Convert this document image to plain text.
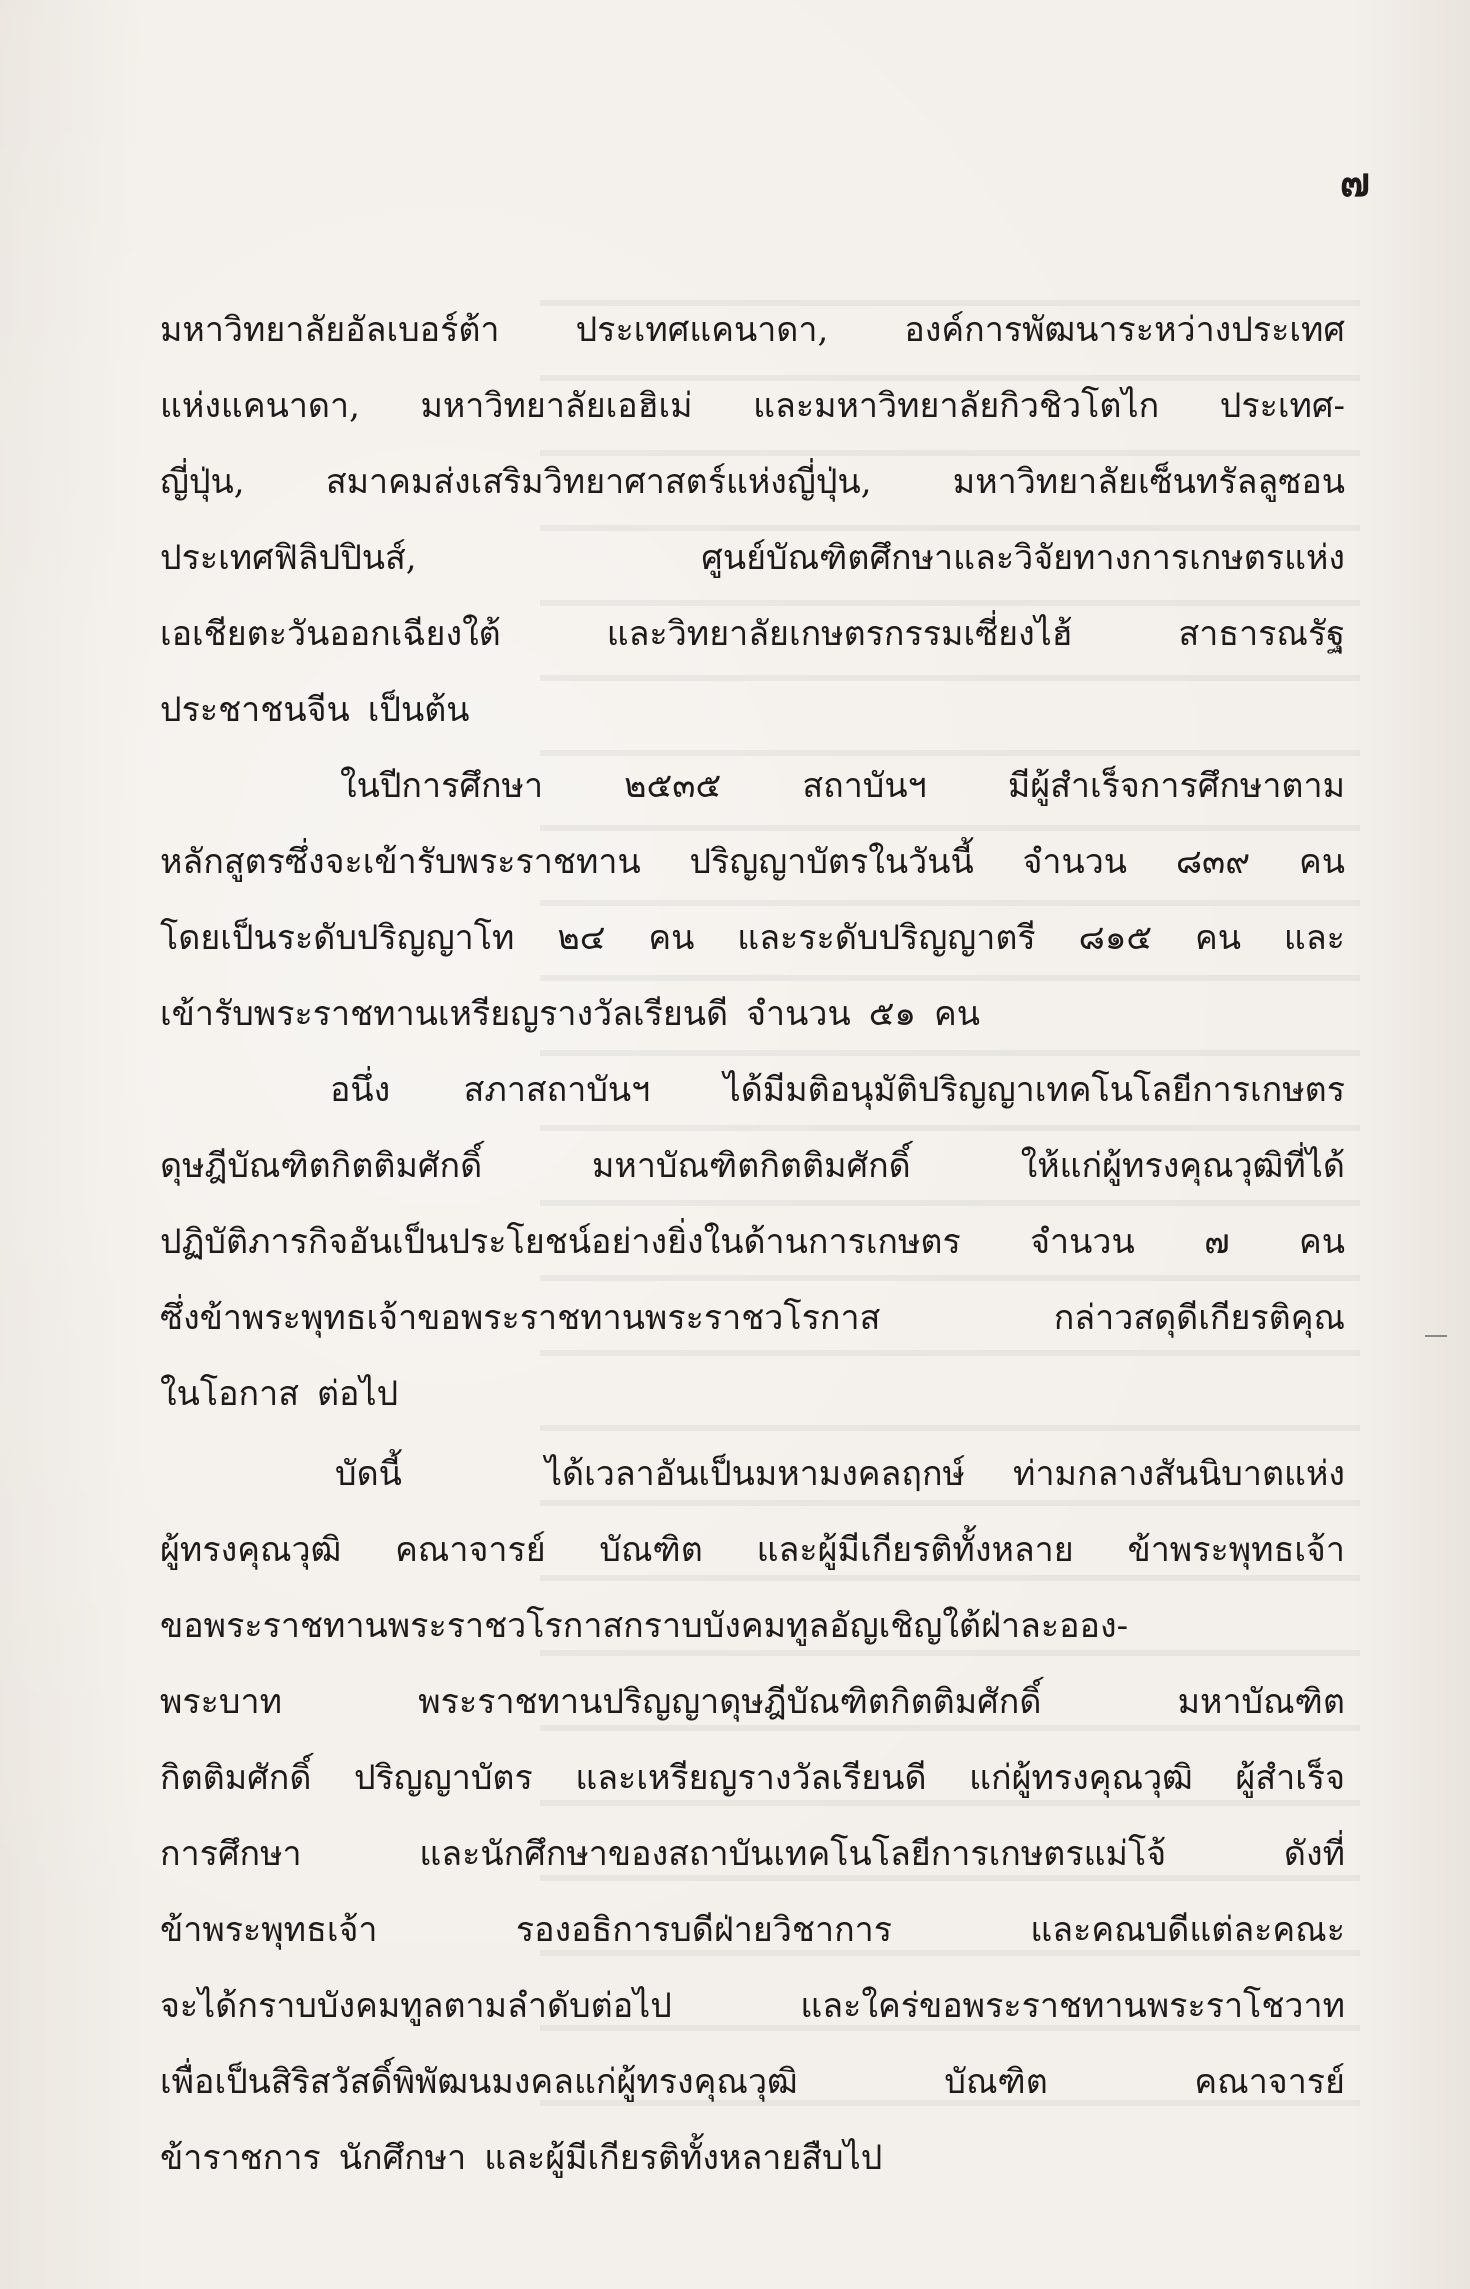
๗
มหาวิทยาลัยอัลเบอร์ต้า ประเทศแคนาดา, องค์การพัฒนาระหว่างประเทศ
แห่งแคนาดา, มหาวิทยาลัยเอฮิเม่ และมหาวิทยาลัยกิวชิวโตไก ประเทศ-
ญี่ปุ่น, สมาคมส่งเสริมวิทยาศาสตร์แห่งญี่ปุ่น, มหาวิทยาลัยเซ็นทรัลลูซอน
ประเทศฟิลิปปินส์,	ศูนย์บัณฑิตศึกษาและวิจัยทางการเกษตรแห่ง
เอเชียตะวันออกเฉียงใต้	และวิทยาลัยเกษตรกรรมเซี่ยงไฮ้	สาธารณรัฐ
ประชาชนจีน เป็นต้น
ในปีการศึกษา ๒๕๓๕ สถาบันฯ มีผู้สำเร็จการศึกษาตาม
หลักสูตรซึ่งจะเข้ารับพระราชทาน ปริญญาบัตรในวันนี้ จำนวน ๘๓๙ คน
โดยเป็นระดับปริญญาโท ๒๔ คน และระดับปริญญาตรี ๘๑๕ คน และ
เข้ารับพระราชทานเหรียญรางวัลเรียนดี จำนวน ๕๑ คน
อนึ่ง สภาสถาบันฯ ได้มีมติอนุมัติปริญญาเทคโนโลยีการเกษตร
ดุษฎีบัณฑิตกิตติมศักดิ์	มหาบัณฑิตกิตติมศักดิ์	ให้แก่ผู้ทรงคุณวุฒิที่ได้
ปฏิบัติภารกิจอันเป็นประโยชน์อย่างยิ่งในด้านการเกษตร จำนวน ๗ คน
ซึ่งข้าพระพุทธเจ้าขอพระราชทานพระราชวโรกาส	กล่าวสดุดีเกียรติคุณ
ในโอกาส ต่อไป
บัดนี้	ได้เวลาอันเป็นมหามงคลฤกษ์ ท่ามกลางสันนิบาตแห่ง
ผู้ทรงคุณวุฒิ คณาจารย์ บัณฑิต และผู้มีเกียรติทั้งหลาย ข้าพระพุทธเจ้า
ขอพระราชทานพระราชวโรกาสกราบบังคมทูลอัญเชิญใต้ฝ่าละออง-
พระบาท	พระราชทานปริญญาดุษฎีบัณฑิตกิตติมศักดิ์	มหาบัณฑิต
กิตติมศักดิ์ ปริญญาบัตร และเหรียญรางวัลเรียนดี แก่ผู้ทรงคุณวุฒิ ผู้สำเร็จ
การศึกษา	และนักศึกษาของสถาบันเทคโนโลยีการเกษตรแม่โจ้	ดังที่
ข้าพระพุทธเจ้า	รองอธิการบดีฝ่ายวิชาการ	และคณบดีแต่ละคณะ
จะได้กราบบังคมทูลตามลำดับต่อไป	และใคร่ขอพระราชทานพระราโชวาท
เพื่อเป็นสิริสวัสดิ์พิพัฒนมงคลแก่ผู้ทรงคุณวุฒิ	บัณฑิต	คณาจารย์
ข้าราชการ นักศึกษา และผู้มีเกียรติทั้งหลายสืบไป
